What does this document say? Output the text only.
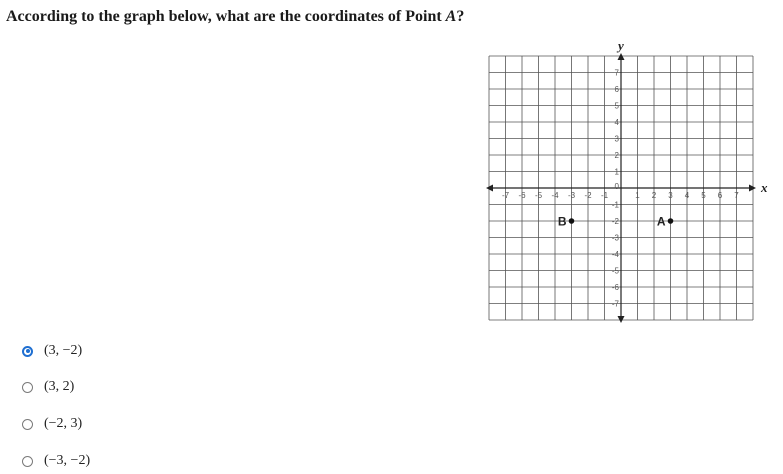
According to the graph below, what are the coordinates of Point A?

x
y
-7 -6 -5 -4 -3 -2 -1	1 2 3 4 5 6 7
7
6
5
4
3
2
1
-1
-2
-3
-4
-5
-6
-7
0
B	A
(3, −2)
(3, 2)
(−2, 3)
(−3, −2)
